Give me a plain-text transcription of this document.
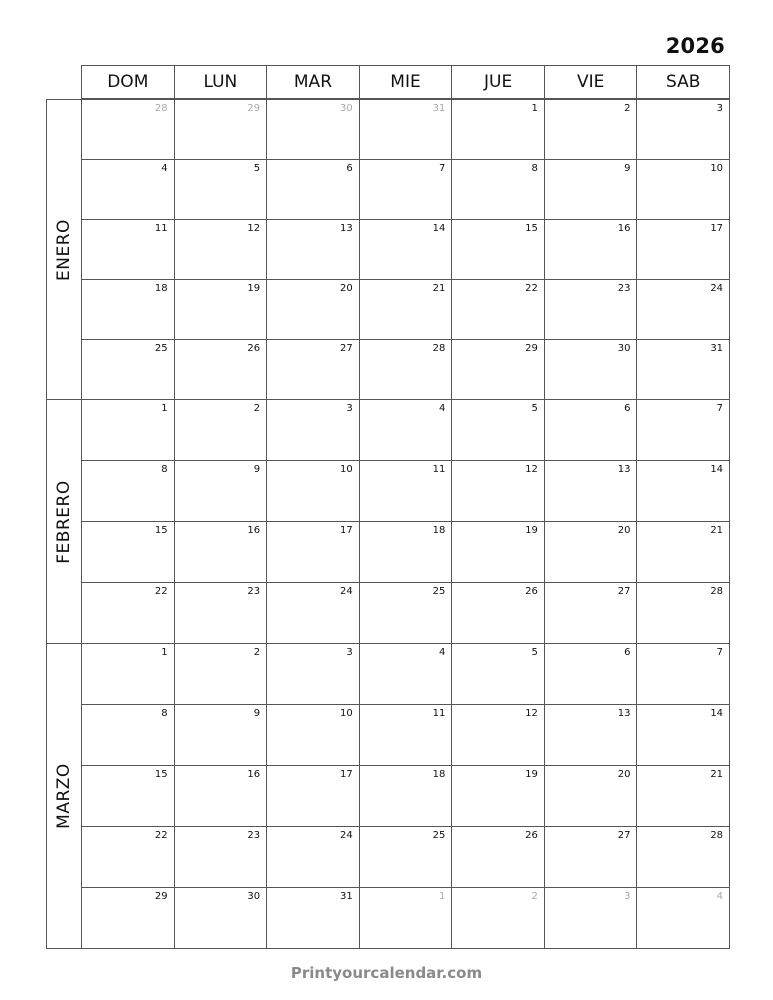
2026
DOM	LUN	MAR	MIE	JUE	VIE	SAB
ENERO
28	29	30	31	1	2	3
4	5	6	7	8	9	10
11	12	13	14	15	16	17
18	19	20	21	22	23	24
25	26	27	28	29	30	31
FEBRERO
1	2	3	4	5	6	7
8	9	10	11	12	13	14
15	16	17	18	19	20	21
22	23	24	25	26	27	28
MARZO
1	2	3	4	5	6	7
8	9	10	11	12	13	14
15	16	17	18	19	20	21
22	23	24	25	26	27	28
29	30	31	1	2	3	4
Printyourcalendar.com
